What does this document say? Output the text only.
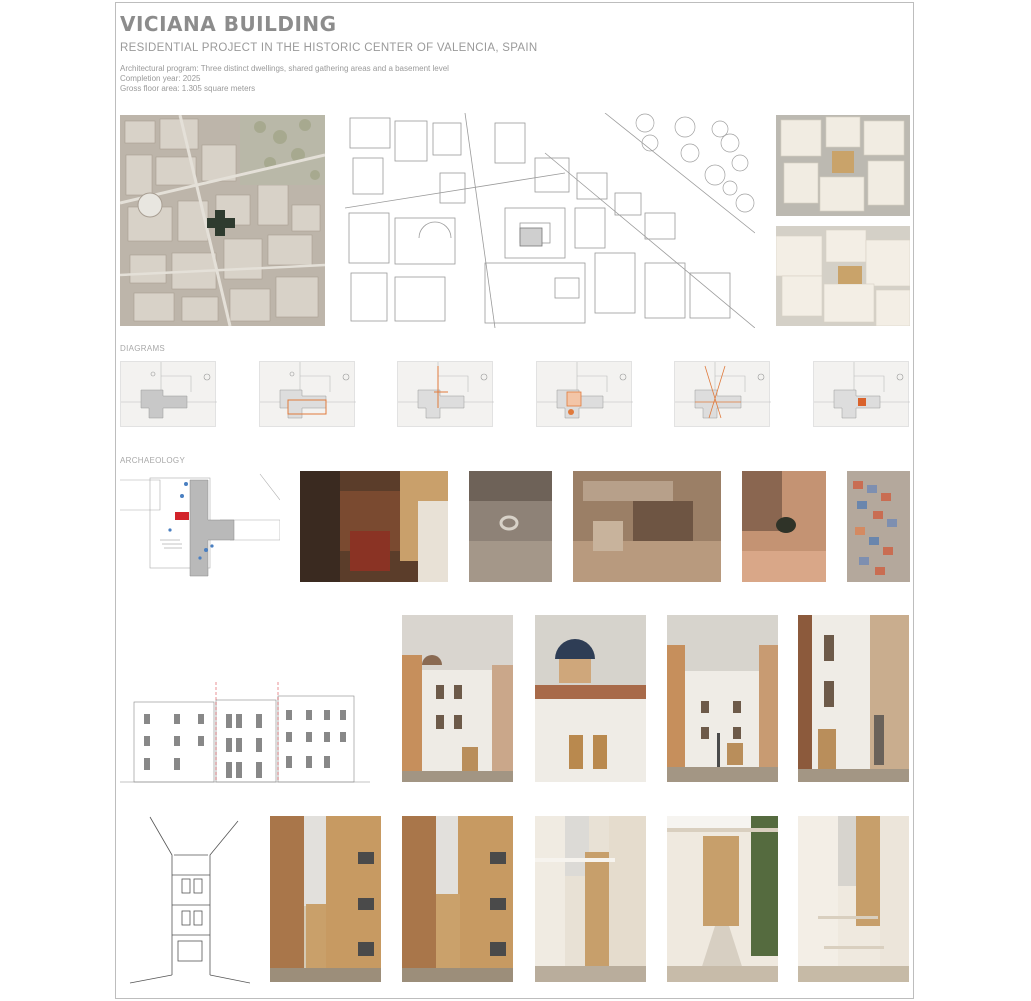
VICIANA BUILDING
RESIDENTIAL PROJECT IN THE HISTORIC CENTER OF VALENCIA, SPAIN
Architectural program: Three distinct dwellings, shared gathering areas and a basement level
Completion year: 2025
Gross floor area: 1.305 square meters
DIAGRAMS
ARCHAEOLOGY
